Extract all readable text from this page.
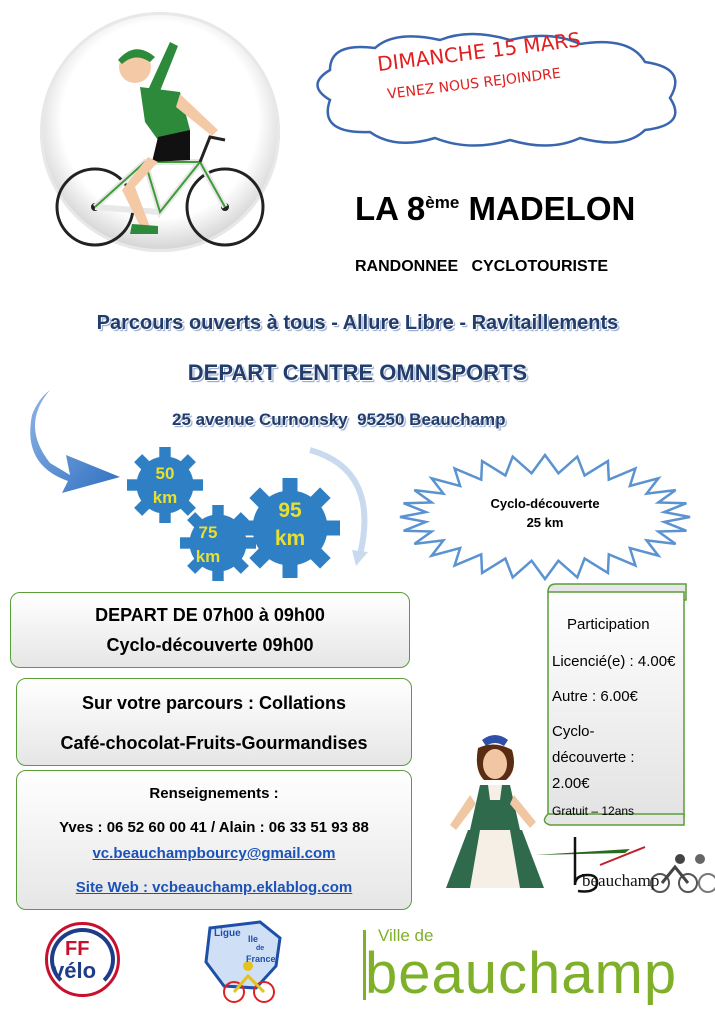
DIMANCHE 15 MARS
VENEZ NOUS REJOINDRE
LA 8ème MADELON
RANDONNEE   CYCLOTOURISTE
Parcours ouverts à tous - Allure Libre - Ravitaillements
DEPART CENTRE OMNISPORTS
25 avenue Curnonsky  95250 Beauchamp
50
km
75
km
95
km
Cyclo-découverte
25 km
DEPART DE 07h00 à 09h00
Cyclo-découverte 09h00
Sur votre parcours : Collations
Café-chocolat-Fruits-Gourmandises
Renseignements :
Yves : 06 52 60 00 41 / Alain : 06 33 51 93 88
vc.beauchampbourcy@gmail.com
Site Web : vcbeauchamp.eklablog.com
Participation
Licencié(e) : 4.00€
Autre : 6.00€
Cyclo-
découverte :
2.00€
Gratuit – 12ans
beauchamp
FF
vélo
Ligue Ile
de
France
Ville de
beauchamp
